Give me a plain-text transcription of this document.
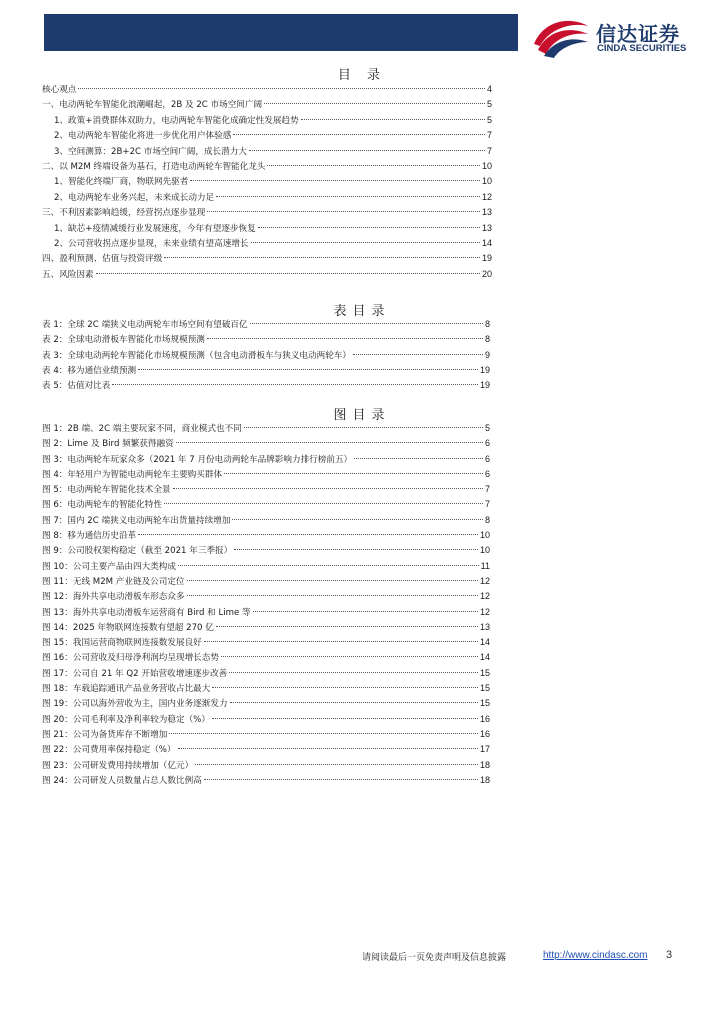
信达证券
CINDA SECURITIES
目 录
核心观点	4
一、电动两轮车智能化浪潮崛起，2B 及 2C 市场空间广阔	5
1、政策+消费群体双助力，电动两轮车智能化成确定性发展趋势	5
2、电动两轮车智能化将进一步优化用户体验感	7
3、空间测算：2B+2C 市场空间广阔，成长潜力大	7
二、以 M2M 终端设备为基石，打造电动两轮车智能化龙头	10
1、智能化终端厂商，物联网先驱者	10
2、电动两轮车业务兴起，未来成长动力足	12
三、不利因素影响趋缓，经营拐点逐步显现	13
1、缺芯+疫情减缓行业发展速度，今年有望逐步恢复	13
2、公司营收拐点逐步显现，未来业绩有望高速增长	14
四、盈利预测、估值与投资评级	19
五、风险因素	20
表目录
表 1：全球 2C 端狭义电动两轮车市场空间有望破百亿	8
表 2：全球电动滑板车智能化市场规模预测	8
表 3：全球电动两轮车智能化市场规模预测（包含电动滑板车与狭义电动两轮车）	9
表 4：移为通信业绩预测	19
表 5：估值对比表	19
图目录
图 1：2B 端、2C 端主要玩家不同，商业模式也不同	5
图 2：Lime 及 Bird 频繁获得融资	6
图 3：电动两轮车玩家众多（2021 年 7 月份电动两轮车品牌影响力排行榜前五）	6
图 4：年轻用户为智能电动两轮车主要购买群体	6
图 5：电动两轮车智能化技术全景	7
图 6：电动两轮车的智能化特性	7
图 7：国内 2C 端狭义电动两轮车出货量持续增加	8
图 8：移为通信历史沿革	10
图 9：公司股权架构稳定（截至 2021 年三季报）	10
图 10：公司主要产品由四大类构成	11
图 11：无线 M2M 产业链及公司定位	12
图 12：海外共享电动滑板车形态众多	12
图 13：海外共享电动滑板车运营商有 Bird 和 Lime 等	12
图 14：2025 年物联网连接数有望超 270 亿	13
图 15：我国运营商物联网连接数发展良好	14
图 16：公司营收及归母净利润均呈现增长态势	14
图 17：公司自 21 年 Q2 开始营收增速逐步改善	15
图 18：车载追踪通讯产品业务营收占比最大	15
图 19：公司以海外营收为主，国内业务逐渐发力	15
图 20：公司毛利率及净利率较为稳定（%）	16
图 21：公司为备货库存不断增加	16
图 22：公司费用率保持稳定（%）	17
图 23：公司研发费用持续增加（亿元）	18
图 24：公司研发人员数量占总人数比例高	18
请阅读最后一页免责声明及信息披露	http://www.cindasc.com 3
